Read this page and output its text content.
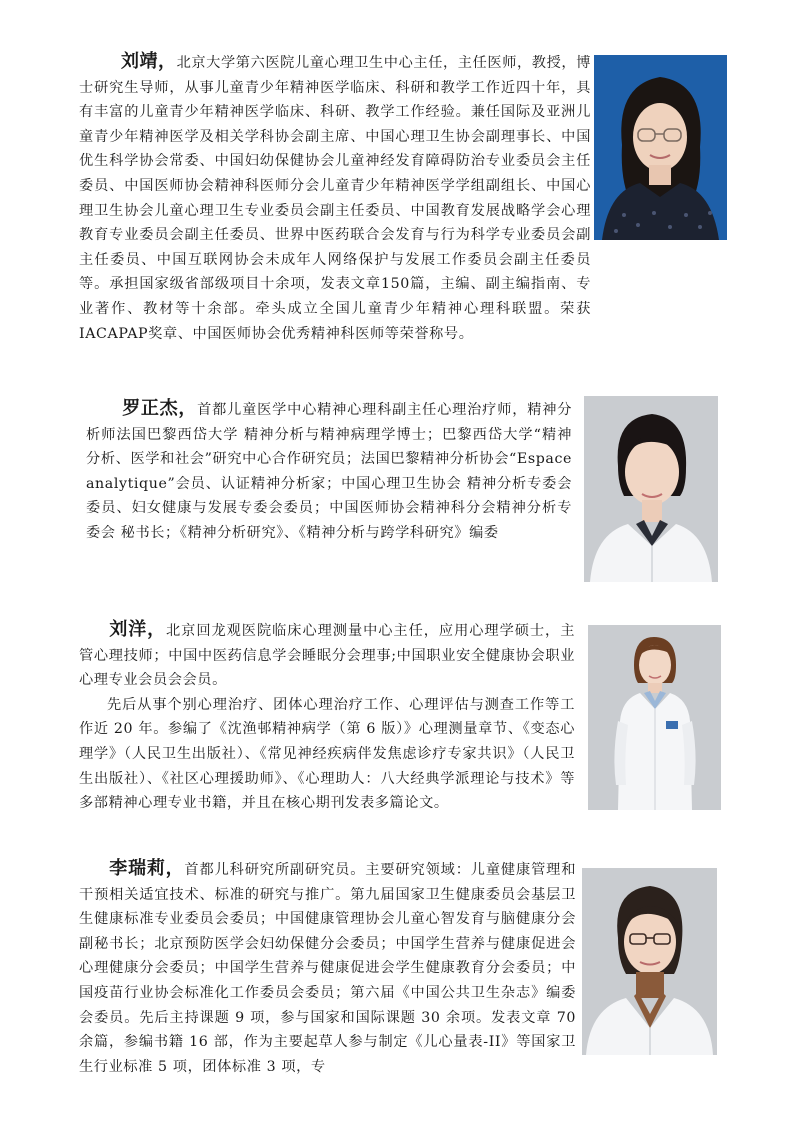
刘靖，北京大学第六医院儿童心理卫生中心主任，主任医师，教授，博士研究生导师，从事儿童青少年精神医学临床、科研和教学工作近四十年，具有丰富的儿童青少年精神医学临床、科研、教学工作经验。兼任国际及亚洲儿童青少年精神医学及相关学科协会副主席、中国心理卫生协会副理事长、中国优生科学协会常委、中国妇幼保健协会儿童神经发育障碍防治专业委员会主任委员、中国医师协会精神科医师分会儿童青少年精神医学学组副组长、中国心理卫生协会儿童心理卫生专业委员会副主任委员、中国教育发展战略学会心理教育专业委员会副主任委员、世界中医药联合会发育与行为科学专业委员会副主任委员、中国互联网协会未成年人网络保护与发展工作委员会副主任委员等。承担国家级省部级项目十余项，发表文章150篇，主编、副主编指南、专业著作、教材等十余部。牵头成立全国儿童青少年精神心理科联盟。荣获IACAPAP奖章、中国医师协会优秀精神科医师等荣誉称号。
罗正杰，首都儿童医学中心精神心理科副主任心理治疗师，精神分析师法国巴黎西岱大学 精神分析与精神病理学博士；巴黎西岱大学“精神分析、医学和社会”研究中心合作研究员；法国巴黎精神分析协会“Espace analytique”会员、认证精神分析家；中国心理卫生协会 精神分析专委会委员、妇女健康与发展专委会委员；中国医师协会精神科分会精神分析专委会 秘书长；《精神分析研究》、《精神分析与跨学科研究》编委

刘洋，北京回龙观医院临床心理测量中心主任，应用心理学硕士，主管心理技师；中国中医药信息学会睡眠分会理事;中国职业安全健康协会职业心理专业会员会会员。

先后从事个别心理治疗、团体心理治疗工作、心理评估与测查工作等工作近 20 年。参编了《沈渔邨精神病学（第 6 版）》心理测量章节、《变态心理学》（人民卫生出版社）、《常见神经疾病伴发焦虑诊疗专家共识》（人民卫生出版社）、《社区心理援助师》、《心理助人：八大经典学派理论与技术》等多部精神心理专业书籍，并且在核心期刊发表多篇论文。

李瑞莉，首都儿科研究所副研究员。主要研究领域：儿童健康管理和干预相关适宜技术、标准的研究与推广。第九届国家卫生健康委员会基层卫生健康标准专业委员会委员；中国健康管理协会儿童心智发育与脑健康分会副秘书长；北京预防医学会妇幼保健分会委员；中国学生营养与健康促进会心理健康分会委员；中国学生营养与健康促进会学生健康教育分会委员；中国疫苗行业协会标准化工作委员会委员；第六届《中国公共卫生杂志》编委会委员。先后主持课题 9 项，参与国家和国际课题 30 余项。发表文章 70 余篇，参编书籍 16 部，作为主要起草人参与制定《儿心量表-II》等国家卫生行业标准 5 项，团体标准 3 项，专
